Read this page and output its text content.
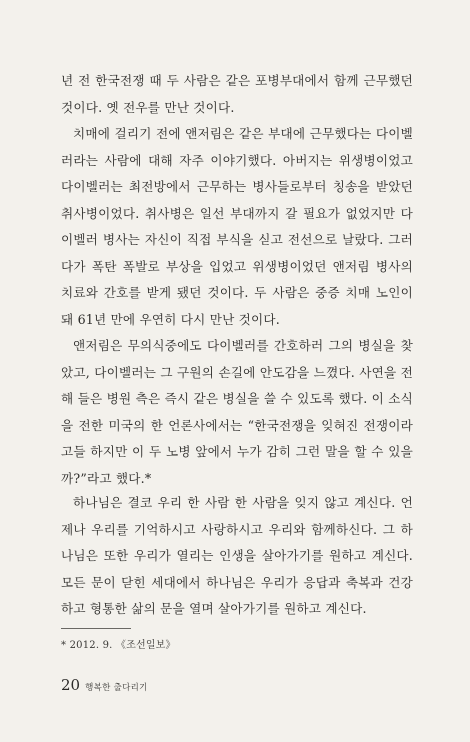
년 전 한국전쟁 때 두 사람은 같은 포병부대에서 함께 근무했던 것이다. 옛 전우를 만난 것이다.

치매에 걸리기 전에 앤저림은 같은 부대에 근무했다는 다이벨러라는 사람에 대해 자주 이야기했다. 아버지는 위생병이었고 다이벨러는 최전방에서 근무하는 병사들로부터 칭송을 받았던 취사병이었다. 취사병은 일선 부대까지 갈 필요가 없었지만 다이벨러 병사는 자신이 직접 부식을 싣고 전선으로 날랐다. 그러다가 폭탄 폭발로 부상을 입었고 위생병이었던 앤저림 병사의 치료와 간호를 받게 됐던 것이다. 두 사람은 중증 치매 노인이 돼 61년 만에 우연히 다시 만난 것이다.

앤저림은 무의식중에도 다이벨러를 간호하러 그의 병실을 찾았고, 다이벨러는 그 구원의 손길에 안도감을 느꼈다. 사연을 전해 들은 병원 측은 즉시 같은 병실을 쓸 수 있도록 했다. 이 소식을 전한 미국의 한 언론사에서는 “한국전쟁을 잊혀진 전쟁이라고들 하지만 이 두 노병 앞에서 누가 감히 그런 말을 할 수 있을까?”라고 했다.*

하나님은 결코 우리 한 사람 한 사람을 잊지 않고 계신다. 언제나 우리를 기억하시고 사랑하시고 우리와 함께하신다. 그 하나님은 또한 우리가 열리는 인생을 살아가기를 원하고 계신다. 모든 문이 닫힌 세대에서 하나님은 우리가 응답과 축복과 건강하고 형통한 삶의 문을 열며 살아가기를 원하고 계신다.

* 2012. 9. 《조선일보》
20 행복한 출다리기
